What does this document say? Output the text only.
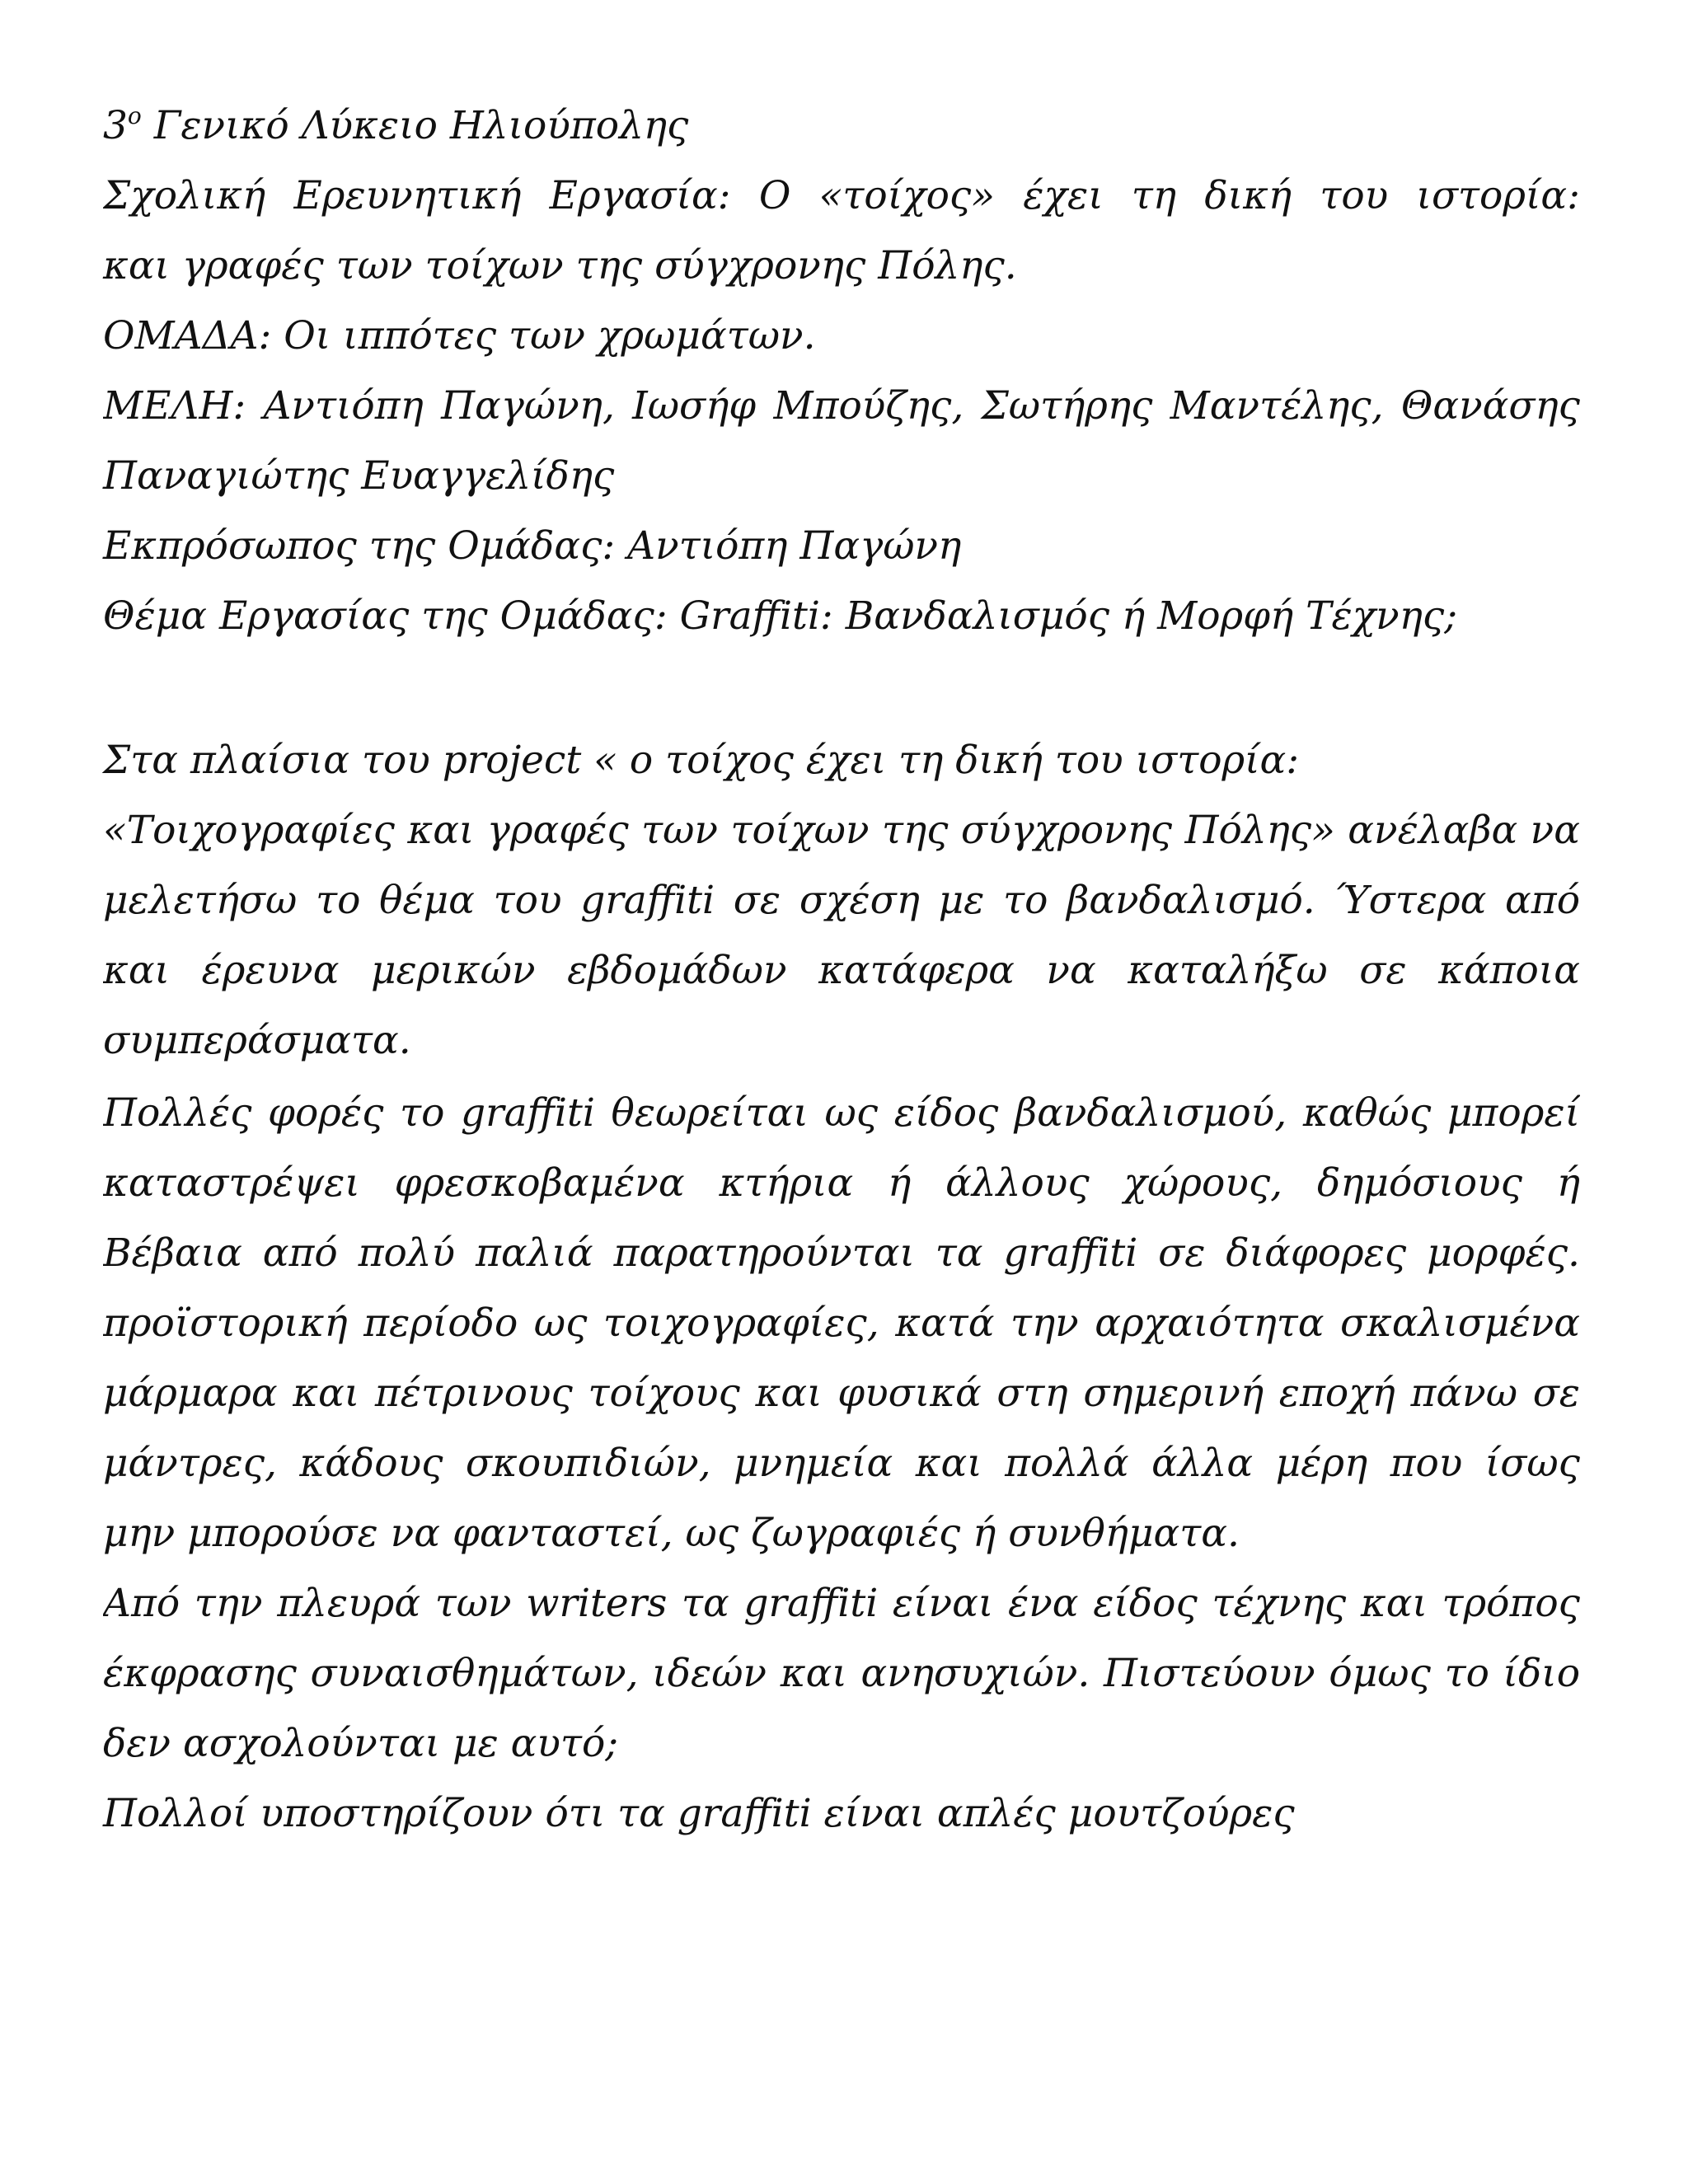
$3^o$ Γενικό Λύκειο Ηλιούπολης
Σχολική Ερευνητική Εργασία: Ο «τοίχος» έχει τη δική του ιστορία:
και γραφές των τοίχων της σύγχρονης Πόλης.
ΟΜΑΔΑ: Οι ιππότες των χρωμάτων.
ΜΕΛΗ: Αντιόπη Παγώνη, Ιωσήφ Μπούζης, Σωτήρης Μαντέλης, Θανάσης
Παναγιώτης Ευαγγελίδης
Εκπρόσωπος της Ομάδας: Αντιόπη Παγώνη
Θέμα Εργασίας της Ομάδας: Graffiti: Βανδαλισμός ή Μορφή Τέχνης;
Στα πλαίσια του project « ο τοίχος έχει τη δική του ιστορία:
«Τοιχογραφίες και γραφές των τοίχων της σύγχρονης Πόλης» ανέλαβα να
μελετήσω το θέμα του graffiti σε σχέση με το βανδαλισμό. Ύστερα από
και έρευνα μερικών εβδομάδων κατάφερα να καταλήξω σε κάποια
συμπεράσματα.
Πολλές φορές το graffiti θεωρείται ως είδος βανδαλισμού, καθώς μπορεί
καταστρέψει φρεσκοβαμένα κτήρια ή άλλους χώρους, δημόσιους ή
Βέβαια από πολύ παλιά παρατηρούνται τα graffiti σε διάφορες μορφές.
προϊστορική περίοδο ως τοιχογραφίες, κατά την αρχαιότητα σκαλισμένα
μάρμαρα και πέτρινους τοίχους και φυσικά στη σημερινή εποχή πάνω σε
μάντρες, κάδους σκουπιδιών, μνημεία και πολλά άλλα μέρη που ίσως
μην μπορούσε να φανταστεί, ως ζωγραφιές ή συνθήματα.
Από την πλευρά των writers τα graffiti είναι ένα είδος τέχνης και τρόπος
έκφρασης συναισθημάτων, ιδεών και ανησυχιών. Πιστεύουν όμως το ίδιο
δεν ασχολούνται με αυτό;
Πολλοί υποστηρίζουν ότι τα graffiti είναι απλές μουτζούρες
